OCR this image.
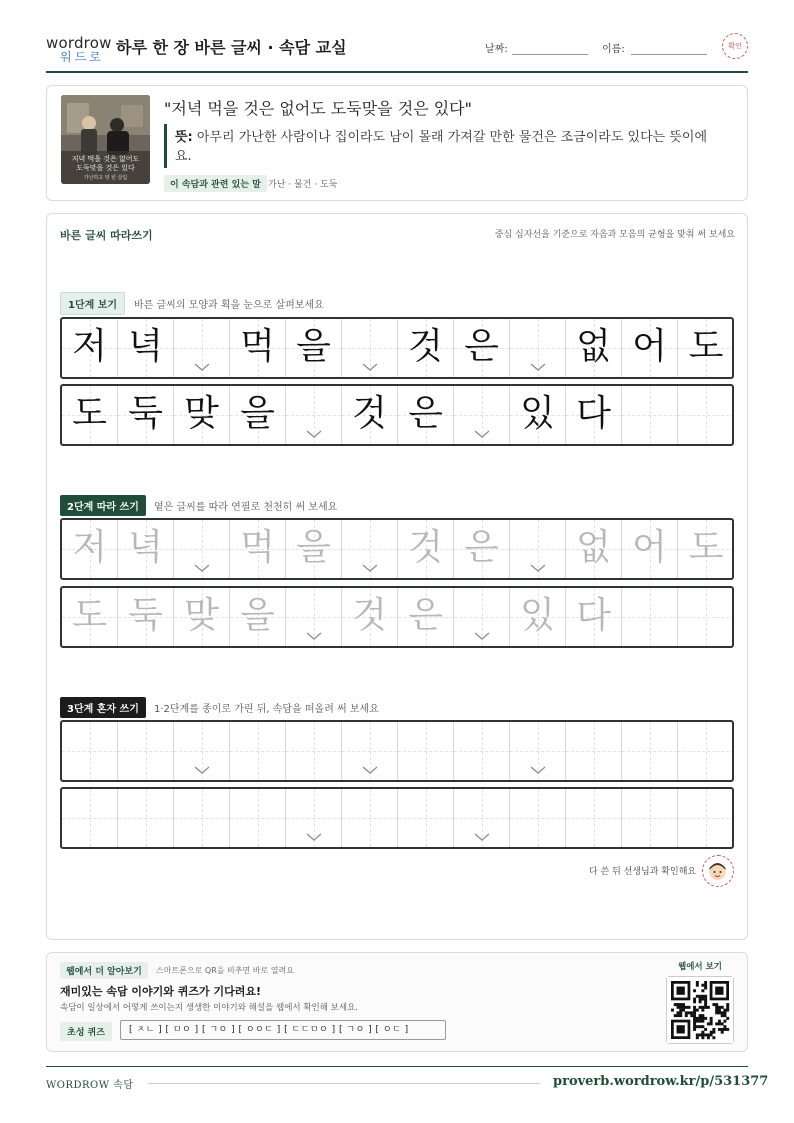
wordrow
워드로 하루 한 장 바른 글씨 · 속담 교실	날짜:	이름:	확인
저녁 먹을 것은 없어도
도둑맞을 것은 있다
가난하고 텅 빈 살림
"저녁 먹을 것은 없어도 도둑맞을 것은 있다"
뜻: 아무리 가난한 사람이나 집이라도 남이 몰래 가져갈 만한 물건은 조금이라도 있다는 뜻이에요.
이 속담과 관련 있는 말 가난 · 물건 · 도둑
바른 글씨 따라쓰기	중심 십자선을 기준으로 자음과 모음의 균형을 맞춰 써 보세요
1단계 보기	바른 글씨의 모양과 획을 눈으로 살펴보세요
저 녁 먹 을 것 은 없 어 도
도 둑 맞 을 것 은 있 다
2단계 따라 쓰기	옅은 글씨를 따라 연필로 천천히 써 보세요
저 녁 먹 을 것 은 없 어 도
도 둑 맞 을 것 은 있 다
3단계 혼자 쓰기	1·2단계를 종이로 가린 뒤, 속담을 떠올려 써 보세요
다 쓴 뒤 선생님과 확인해요
웹에서 더 알아보기	스마트폰으로 QR을 비추면 바로 열려요
재미있는 속담 이야기와 퀴즈가 기다려요!
속담이 일상에서 어떻게 쓰이는지 생생한 이야기와 해설을 웹에서 확인해 보세요.
초성 퀴즈	[ ㅈㄴ ] [ ㅁㅇ ] [ ㄱㅇ ] [ ㅇㅇㄷ ] [ ㄷㄷㅁㅇ ] [ ㄱㅇ ] [ ㅇㄷ ]
웹에서 보기
WORDROW 속담	proverb.wordrow.kr/p/531377
